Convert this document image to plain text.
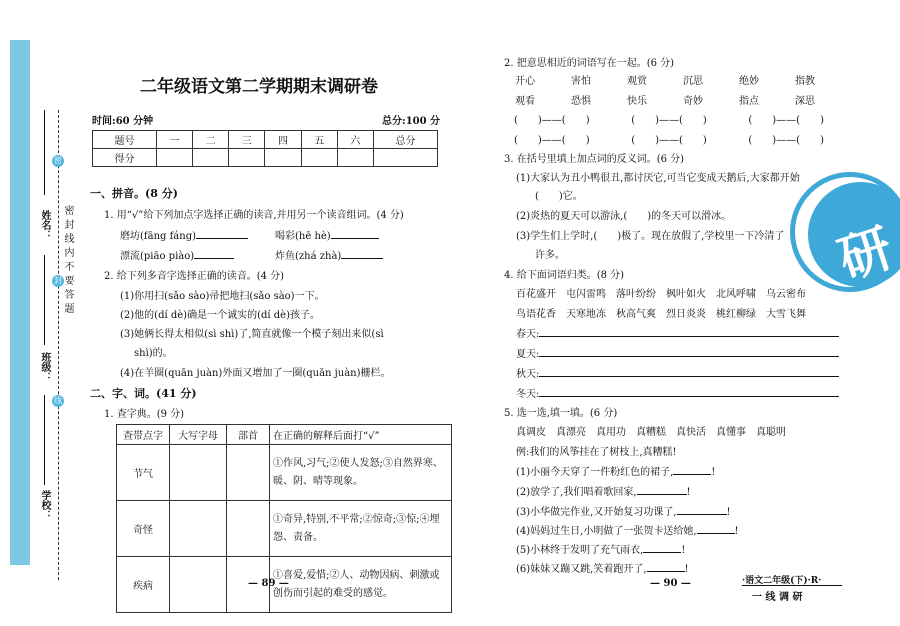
姓名：
班级：
学校：
密
封
线
密封线内不要答题
二年级语文第二学期期末调研卷
时间:60 分钟	总分:100 分
题号	一	二	三	四	五	六	总分
得分							
一、拼音。(8 分)
1. 用“√”给下列加点字选择正确的读音,并用另一个读音组词。(4 分)
磨坊(fāng fáng)	喝彩(hē hè)
漂流(piāo piào)	炸鱼(zhá zhà)
2. 给下列多音字选择正确的读音。(4 分)
(1)你用扫(sǎo sào)帚把地扫(sǎo sào)一下。
(2)他的(dí dè)确是一个诚实的(dí dè)孩子。
(3)她俩长得太相似(sì shì)了,简直就像一个模子刻出来似(sì
shì)的。
(4)在羊圈(quān juàn)外面又增加了一圈(quān juàn)栅栏。
二、字、词。(41 分)
1. 查字典。(9 分)
查带点字	大写字母	部首	在正确的解释后面打“√”
节气			①作风,习气;②使人发怒;③自然界寒、暖、阴、晴等现象。
奇怪			①奇异,特别,不平常;②惊奇;③惊;④埋怨、责备。
疾病			①喜爱,爱惜;②人、动物因病、刺激或创伤而引起的难受的感觉。
— 89 —
2. 把意思相近的词语写在一起。(6 分)
开心	害怕	观赏	沉思	绝妙	指教
观看	恐惧	快乐	奇妙	指点	深思
(　　)——(　　)	(　　)——(　　)	(　　)——(　　)
(　　)——(　　)	(　　)——(　　)	(　　)——(　　)
3. 在括号里填上加点词的反义词。(6 分)
(1)大家认为丑小鸭很丑,都讨厌它,可当它变成天鹅后,大家都开始
(　　)它。
(2)炎热的夏天可以游泳,(　　)的冬天可以滑冰。
(3)学生们上学时,(　　)极了。现在放假了,学校里一下冷清了
许多。
4. 给下面词语归类。(8 分)
百花盛开　屯闪雷鸣　落叶纷纷　枫叶如火　北风呼啸　乌云密布
鸟语花香　天寒地冻　秋高气爽　烈日炎炎　桃红柳绿　大雪飞舞
春天:
夏天:
秋天:
冬天:
5. 选一选,填一填。(6 分)
真调皮　真漂亮　真用功　真糟糕　真快活　真懂事　真聪明
例:我们的风筝挂在了树枝上,真糟糕!
(1)小丽今天穿了一件粉红色的裙子,	!
(2)放学了,我们唱着歌回家,	!
(3)小华做完作业,又开始复习功课了,	!
(4)妈妈过生日,小明做了一张贺卡送给她,	!
(5)小林终于发明了充气雨衣,	!
(6)妹妹又蹦又跳,笑着跑开了,	!
— 90 —	·语文二年级(下)·R·
一 线 调 研
研
